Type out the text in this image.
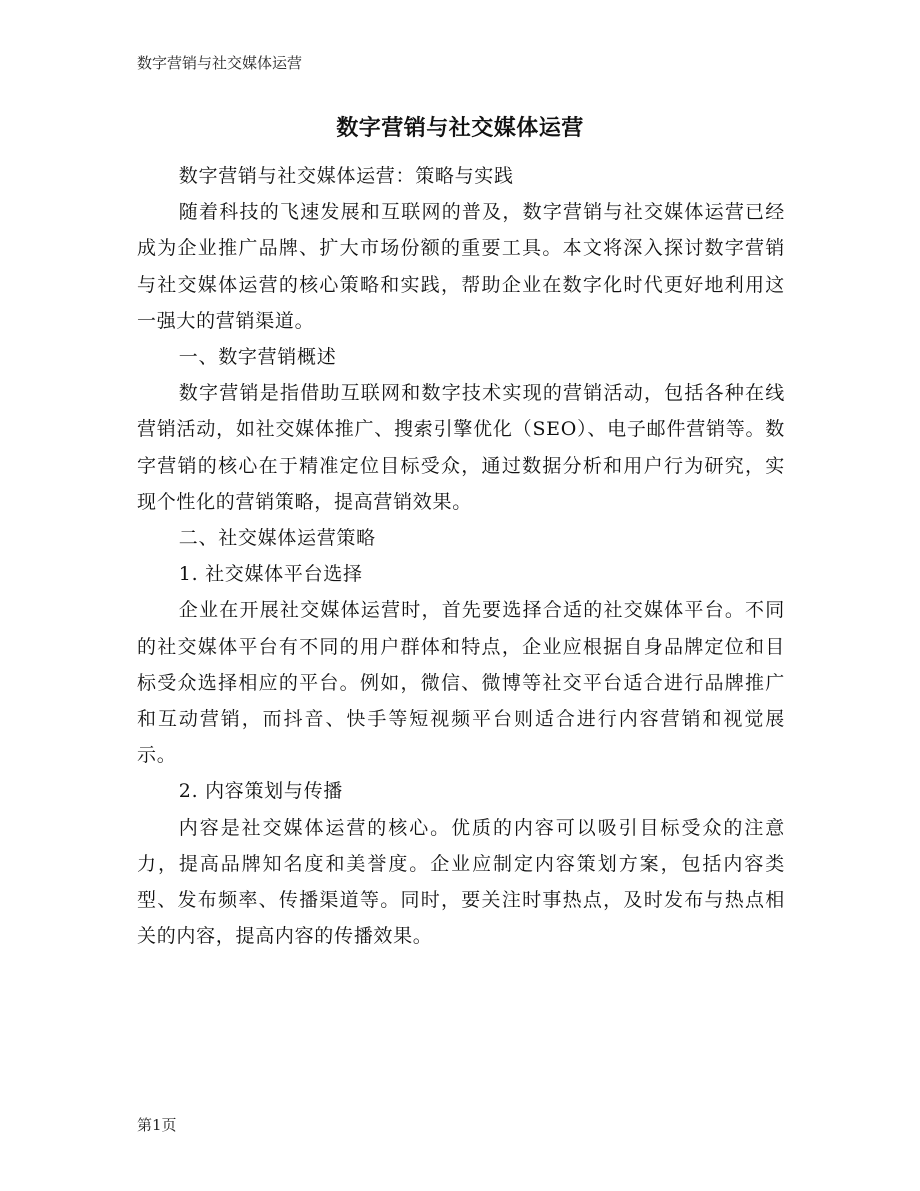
数字营销与社交媒体运营
数字营销与社交媒体运营

数字营销与社交媒体运营：策略与实践

随着科技的飞速发展和互联网的普及，数字营销与社交媒体运营已经成为企业推广品牌、扩大市场份额的重要工具。本文将深入探讨数字营销与社交媒体运营的核心策略和实践，帮助企业在数字化时代更好地利用这一强大的营销渠道。

一、数字营销概述

数字营销是指借助互联网和数字技术实现的营销活动，包括各种在线营销活动，如社交媒体推广、搜索引擎优化（SEO）、电子邮件营销等。数字营销的核心在于精准定位目标受众，通过数据分析和用户行为研究，实现个性化的营销策略，提高营销效果。

二、社交媒体运营策略

1. 社交媒体平台选择

企业在开展社交媒体运营时，首先要选择合适的社交媒体平台。不同的社交媒体平台有不同的用户群体和特点，企业应根据自身品牌定位和目标受众选择相应的平台。例如，微信、微博等社交平台适合进行品牌推广和互动营销，而抖音、快手等短视频平台则适合进行内容营销和视觉展示。

2. 内容策划与传播

内容是社交媒体运营的核心。优质的内容可以吸引目标受众的注意力，提高品牌知名度和美誉度。企业应制定内容策划方案，包括内容类型、发布频率、传播渠道等。同时，要关注时事热点，及时发布与热点相关的内容，提高内容的传播效果。

第1页
